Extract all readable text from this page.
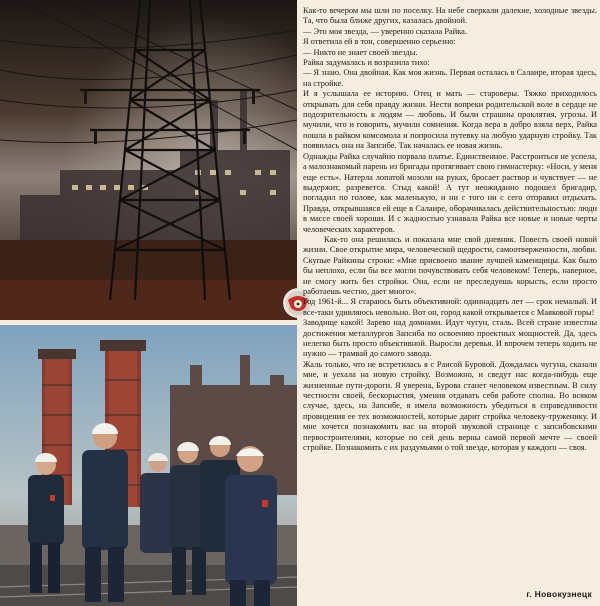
Как-то вечером мы шли по поселку. На небе сверкали далекие, холодные звезды. Та, что была ближе других, казалась двойной.

— Это моя звезда, — уверенно сказала Райка.

Я ответила ей в тон, совершенно серьезно:

— Никто не знает своей звезды.

Райка задумалась и возразила тихо:

— Я знаю. Она двойная. Как моя жизнь. Первая осталась в Салаире, вторая здесь, на стройке.

И я услышала ее историю. Отец и мать — староверы. Тяжко приходилось открывать для себя правду жизни. Нести вопреки родительской воле в сердце не подозрительность к людям — любовь. И были страшны проклятия, угрозы. И мучили, что и говорить, мучили сомнения. Когда вера в добро взяла верх, Райка пошла в райком комсомола и попросила путевку на любую ударную стройку. Так появилась она на Запсибе. Так началась ее новая жизнь.

Однажды Райка случайно порвала платье. Единственное. Расстроиться не успела, а малознакомый парень из бригады протягивает свою гимнастерку: «Носи, у меня еще есть». Натерла лопатой мозоли на руках, бросает раствор и чувствует — не выдержит, разревется. Стыд какой! А тут неожиданно подошел бригадир, погладил по голове, как маленькую, и ни с того ни с сего отправил отдыхать. Правда, открывшаяся ей еще в Салаире, оборачивалась действительностью: люди в массе своей хороши. И с жадностью узнавала Райка все новые и новые черты человеческих характеров.

Как-то она решилась и показала мне свой дневник. Повесть своей новой жизни. Свое открытие мира, человеческой щедрости, самоотверженности, любви. Скупые Райкины строки: «Мне присвоено звание лучшей каменщицы. Как было бы неплохо, если бы все могли почувствовать себя человеком! Теперь, наверное, не смогу жить без стройки. Она, если не преследуешь корысть, если просто работаешь честно, дает много».

Год 1961-й... Я стараюсь быть объективной: одиннадцать лет — срок немалый. И все-таки удивляюсь невольно. Вот он, город какой открывается с Маяковой горы!

Заводище какой! Зарево над домнами. Идут чугун, сталь. Всей стране известны достижения металлургов Запсиба по освоению проектных мощностей. Да, здесь нелегко быть просто объективной. Выросли деревья. И впрочем теперь ходить не нужно — трамвай до самого завода.

Жаль только, что не встретилась я с Раисой Буровой. Дождалась чугуна, сказали мне, и уехала на новую стройку. Возможно, и сведут нас когда-нибудь еще жизненные пути-дороги. Я уверена, Бурова станет человеком известным. В силу честности своей, бескорыстия, умения отдавать себя работе сполна. Во всяком случае, здесь, на Запсибе, я имела возможность убедиться в справедливости провидения ее тех возможностей, которые дарит стройка человеку-труженику. И мне хочется познакомить вас на второй звуковой странице с запсибовскими первостроителями, которые по сей день верны самой первой мечте — своей стройке. Познакомить с их раздумьями о той звезде, которая у каждого — своя.

г. Новокузнецк
